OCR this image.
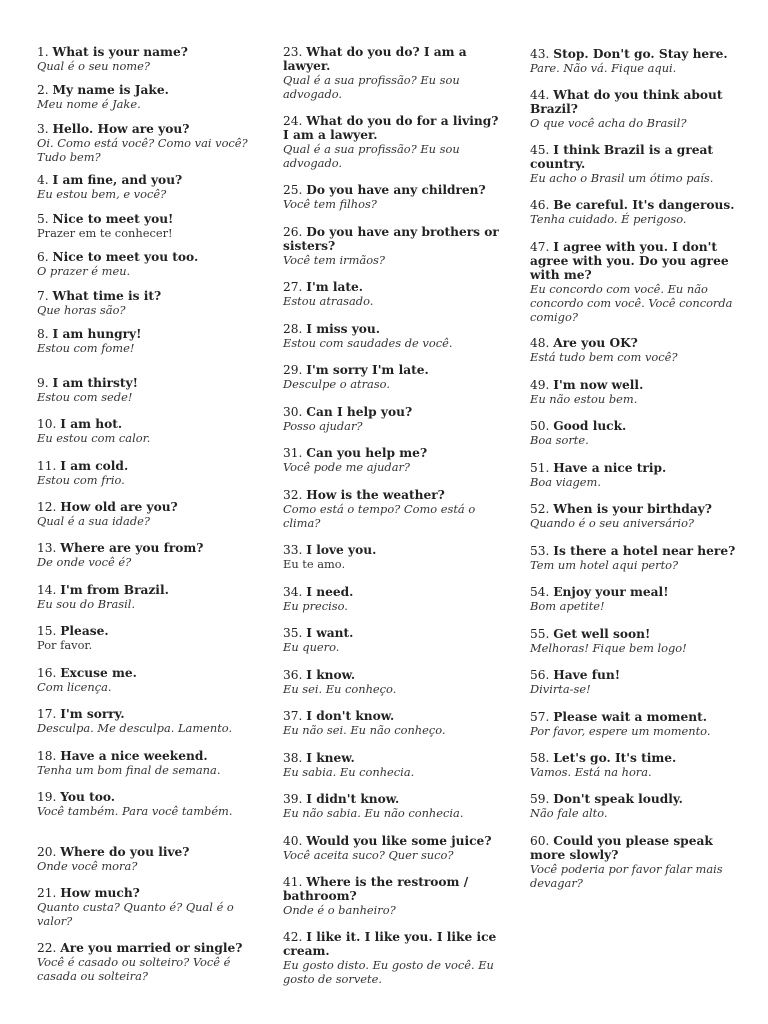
1. What is your name?
Qual é o seu nome?
2. My name is Jake.
Meu nome é Jake.
3. Hello. How are you?
Oi. Como está você? Como vai você? Tudo bem?
4. I am fine, and you?
Eu estou bem, e você?
5. Nice to meet you!
Prazer em te conhecer!
6. Nice to meet you too.
O prazer é meu.
7. What time is it?
Que horas são?
8. I am hungry!
Estou com fome!
9. I am thirsty!
Estou com sede!
10. I am hot.
Eu estou com calor.
11. I am cold.
Estou com frio.
12. How old are you?
Qual é a sua idade?
13. Where are you from?
De onde você é?
14. I'm from Brazil.
Eu sou do Brasil.
15. Please.
Por favor.
16. Excuse me.
Com licença.
17. I'm sorry.
Desculpa. Me desculpa. Lamento.
18. Have a nice weekend.
Tenha um bom final de semana.
19. You too.
Você também. Para você também.
20. Where do you live?
Onde você mora?
21. How much?
Quanto custa? Quanto é? Qual é o valor?
22. Are you married or single?
Você é casado ou solteiro? Você é casada ou solteira?
23. What do you do? I am a lawyer.
Qual é a sua profissão? Eu sou advogado.
24. What do you do for a living? I am a lawyer.
Qual é a sua profissão? Eu sou advogado.
25. Do you have any children?
Você tem filhos?
26. Do you have any brothers or sisters?
Você tem irmãos?
27. I'm late.
Estou atrasado.
28. I miss you.
Estou com saudades de você.
29. I'm sorry I'm late.
Desculpe o atraso.
30. Can I help you?
Posso ajudar?
31. Can you help me?
Você pode me ajudar?
32. How is the weather?
Como está o tempo? Como está o clima?
33. I love you.
Eu te amo.
34. I need.
Eu preciso.
35. I want.
Eu quero.
36. I know.
Eu sei. Eu conheço.
37. I don't know.
Eu não sei. Eu não conheço.
38. I knew.
Eu sabia. Eu conhecia.
39. I didn't know.
Eu não sabia. Eu não conhecia.
40. Would you like some juice?
Você aceita suco? Quer suco?
41. Where is the restroom / bathroom?
Onde é o banheiro?
42. I like it. I like you. I like ice cream.
Eu gosto disto. Eu gosto de você. Eu gosto de sorvete.
43. Stop. Don't go. Stay here.
Pare. Não vá. Fique aqui.
44. What do you think about Brazil?
O que você acha do Brasil?
45. I think Brazil is a great country.
Eu acho o Brasil um ótimo país.
46. Be careful. It's dangerous.
Tenha cuidado. É perigoso.
47. I agree with you. I don't agree with you. Do you agree with me?
Eu concordo com você. Eu não concordo com você. Você concorda comigo?
48. Are you OK?
Está tudo bem com você?
49. I'm now well.
Eu não estou bem.
50. Good luck.
Boa sorte.
51. Have a nice trip.
Boa viagem.
52. When is your birthday?
Quando é o seu aniversário?
53. Is there a hotel near here?
Tem um hotel aqui perto?
54. Enjoy your meal!
Bom apetite!
55. Get well soon!
Melhoras! Fique bem logo!
56. Have fun!
Divirta-se!
57. Please wait a moment.
Por favor, espere um momento.
58. Let's go. It's time.
Vamos. Está na hora.
59. Don't speak loudly.
Não fale alto.
60. Could you please speak more slowly?
Você poderia por favor falar mais devagar?
